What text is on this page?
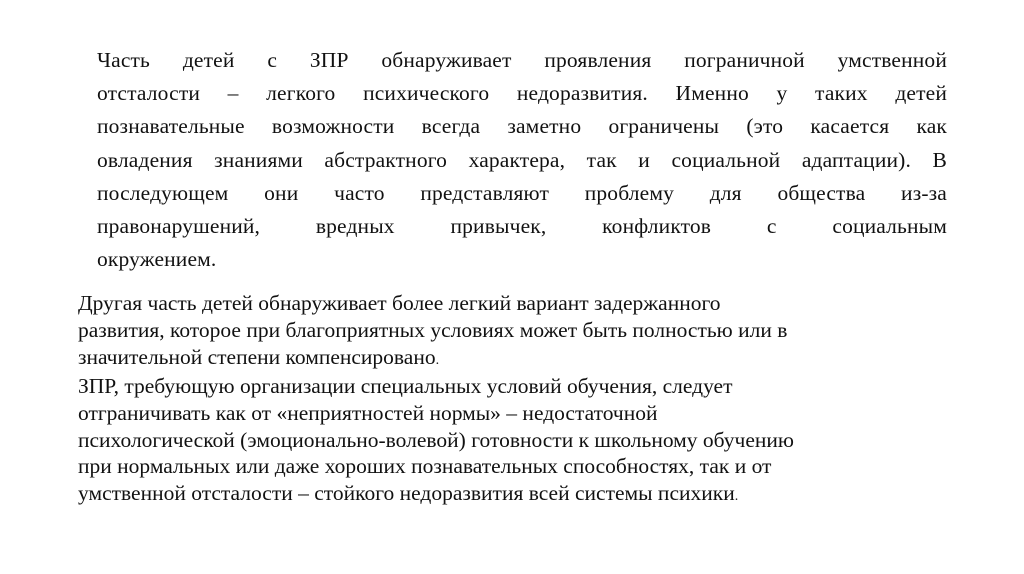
Часть детей с ЗПР обнаруживает проявления пограничной умственной
отсталости – легкого психического недоразвития. Именно у таких детей
познавательные возможности всегда заметно ограничены (это касается как
овладения знаниями абстрактного характера, так и социальной адаптации). В
последующем они часто представляют проблему для общества из-за
правонарушений, вредных привычек, конфликтов с социальным
окружением.
Другая часть детей обнаруживает более легкий вариант задержанного
развития, которое при благоприятных условиях может быть полностью или в
значительной степени компенсировано.
ЗПР, требующую организации специальных условий обучения, следует
отграничивать как от «неприятностей нормы» – недостаточной
психологической (эмоционально-волевой) готовности к школьному обучению
при нормальных или даже хороших познавательных способностях, так и от
умственной отсталости – стойкого недоразвития всей системы психики.
